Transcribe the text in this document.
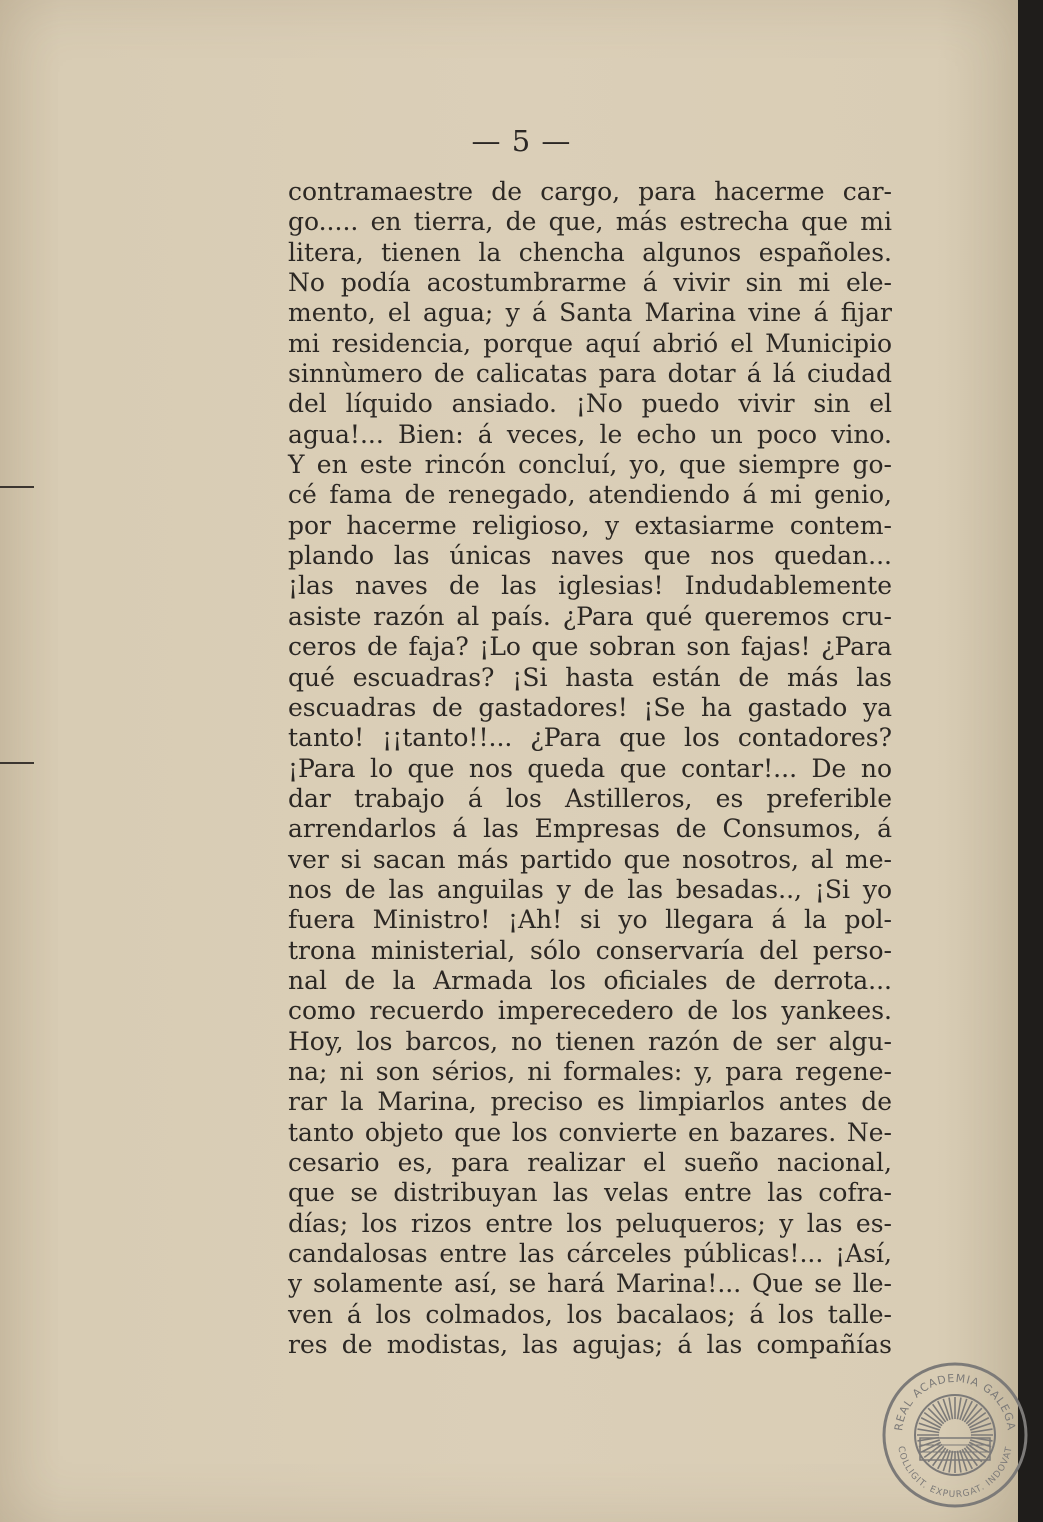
— 5 —
contramaestre de cargo, para hacerme car-
go..... en tierra, de que, más estrecha que mi
litera, tienen la chencha algunos españoles.
No podía acostumbrarme á vivir sin mi ele-
mento, el agua; y á Santa Marina vine á fijar
mi residencia, porque aquí abrió el Municipio
sinnùmero de calicatas para dotar á lá ciudad
del líquido ansiado. ¡No puedo vivir sin el
agua!... Bien: á veces, le echo un poco vino.
Y en este rincón concluí, yo, que siempre go-
cé fama de renegado, atendiendo á mi genio,
por hacerme religioso, y extasiarme contem-
plando las únicas naves que nos quedan...
¡las naves de las iglesias! Indudablemente
asiste razón al país. ¿Para qué queremos cru-
ceros de faja? ¡Lo que sobran son fajas! ¿Para
qué escuadras? ¡Si hasta están de más las
escuadras de gastadores! ¡Se ha gastado ya
tanto! ¡¡tanto!!... ¿Para que los contadores?
¡Para lo que nos queda que contar!... De no
dar trabajo á los Astilleros, es preferible
arrendarlos á las Empresas de Consumos, á
ver si sacan más partido que nosotros, al me-
nos de las anguilas y de las besadas.., ¡Si yo
fuera Ministro! ¡Ah! si yo llegara á la pol-
trona ministerial, sólo conservaría del perso-
nal de la Armada los oficiales de derrota...
como recuerdo imperecedero de los yankees.
Hoy, los barcos, no tienen razón de ser algu-
na; ni son sérios, ni formales: y, para regene-
rar la Marina, preciso es limpiarlos antes de
tanto objeto que los convierte en bazares. Ne-
cesario es, para realizar el sueño nacional,
que se distribuyan las velas entre las cofra-
días; los rizos entre los peluqueros; y las es-
candalosas entre las cárceles públicas!... ¡Así,
y solamente así, se hará Marina!... Que se lle-
ven á los colmados, los bacalaos; á los talle-
res de modistas, las agujas; á las compañías
REAL ACADEMIA GALEGA
COLLIGIT. EXPURGAT. INDOVAT
